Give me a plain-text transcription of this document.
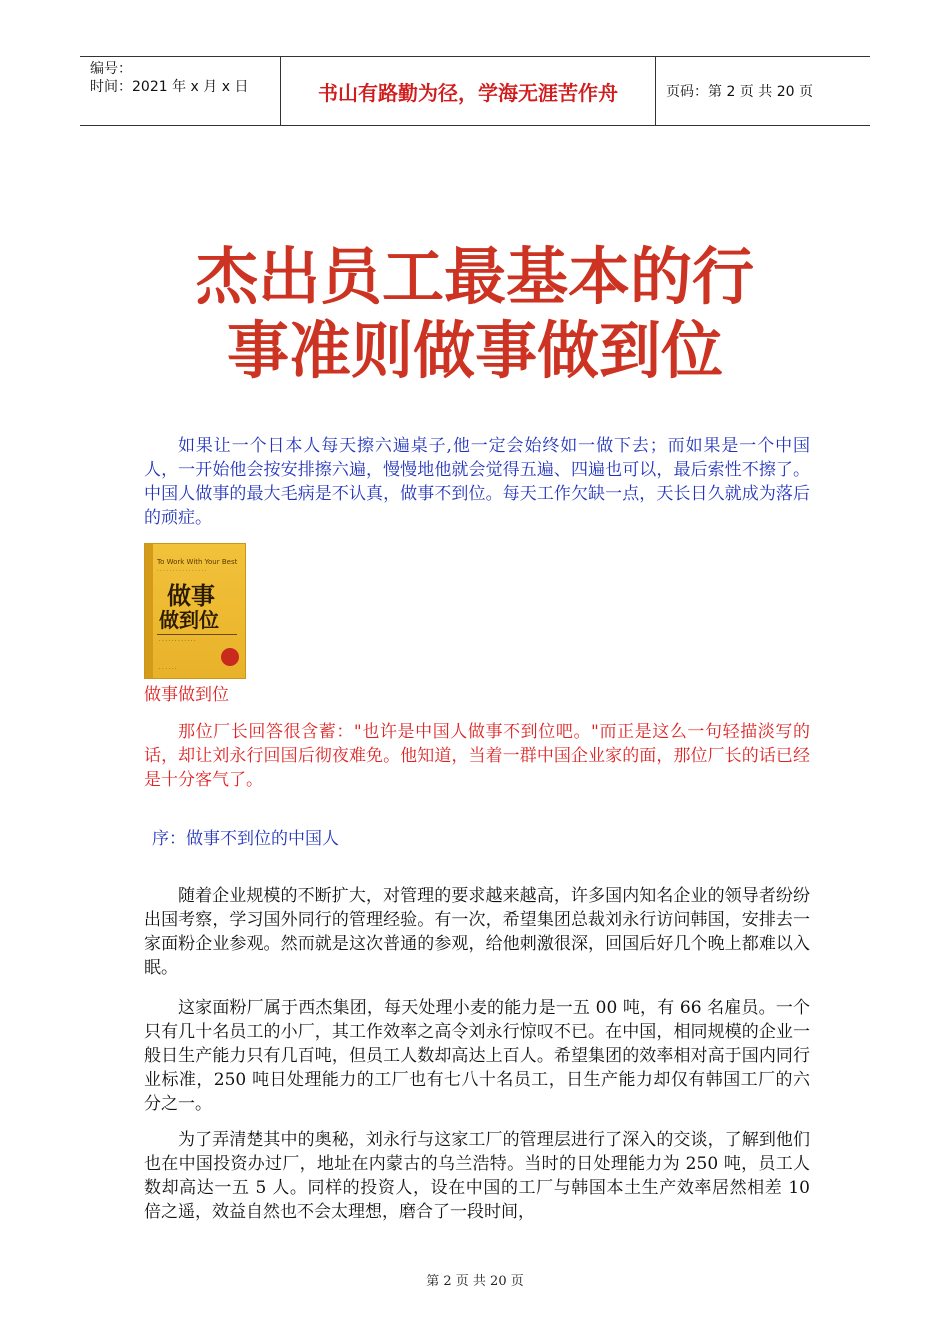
编号：
时间：2021 年 x 月 x 日	书山有路勤为径，学海无涯苦作舟	页码：第 2 页 共 20 页
杰出员工最基本的行
事准则做事做到位

如果让一个日本人每天擦六遍桌子,他一定会始终如一做下去；而如果是一个中国人，一开始他会按安排擦六遍，慢慢地他就会觉得五遍、四遍也可以，最后索性不擦了。中国人做事的最大毛病是不认真，做事不到位。每天工作欠缺一点，天长日久就成为落后的顽症。

To Work With Your Best
· · · · · · · · · · · · · · · ·
做事
做到位
· · · · · · · · · · · ·
· · · · · ·
做事做到位

那位厂长回答很含蓄："也许是中国人做事不到位吧。"而正是这么一句轻描淡写的话，却让刘永行回国后彻夜难免。他知道，当着一群中国企业家的面，那位厂长的话已经是十分客气了。

序：做事不到位的中国人

随着企业规模的不断扩大，对管理的要求越来越高，许多国内知名企业的领导者纷纷出国考察，学习国外同行的管理经验。有一次，希望集团总裁刘永行访问韩国，安排去一家面粉企业参观。然而就是这次普通的参观，给他刺激很深，回国后好几个晚上都难以入眠。

这家面粉厂属于西杰集团，每天处理小麦的能力是一五 00 吨，有 66 名雇员。一个只有几十名员工的小厂，其工作效率之高令刘永行惊叹不已。在中国，相同规模的企业一般日生产能力只有几百吨，但员工人数却高达上百人。希望集团的效率相对高于国内同行业标准，250 吨日处理能力的工厂也有七八十名员工，日生产能力却仅有韩国工厂的六分之一。

为了弄清楚其中的奥秘，刘永行与这家工厂的管理层进行了深入的交谈，了解到他们也在中国投资办过厂，地址在内蒙古的乌兰浩特。当时的日处理能力为 250 吨，员工人数却高达一五 5 人。同样的投资人，设在中国的工厂与韩国本土生产效率居然相差 10 倍之遥，效益自然也不会太理想，磨合了一段时间，

第 2 页 共 20 页
